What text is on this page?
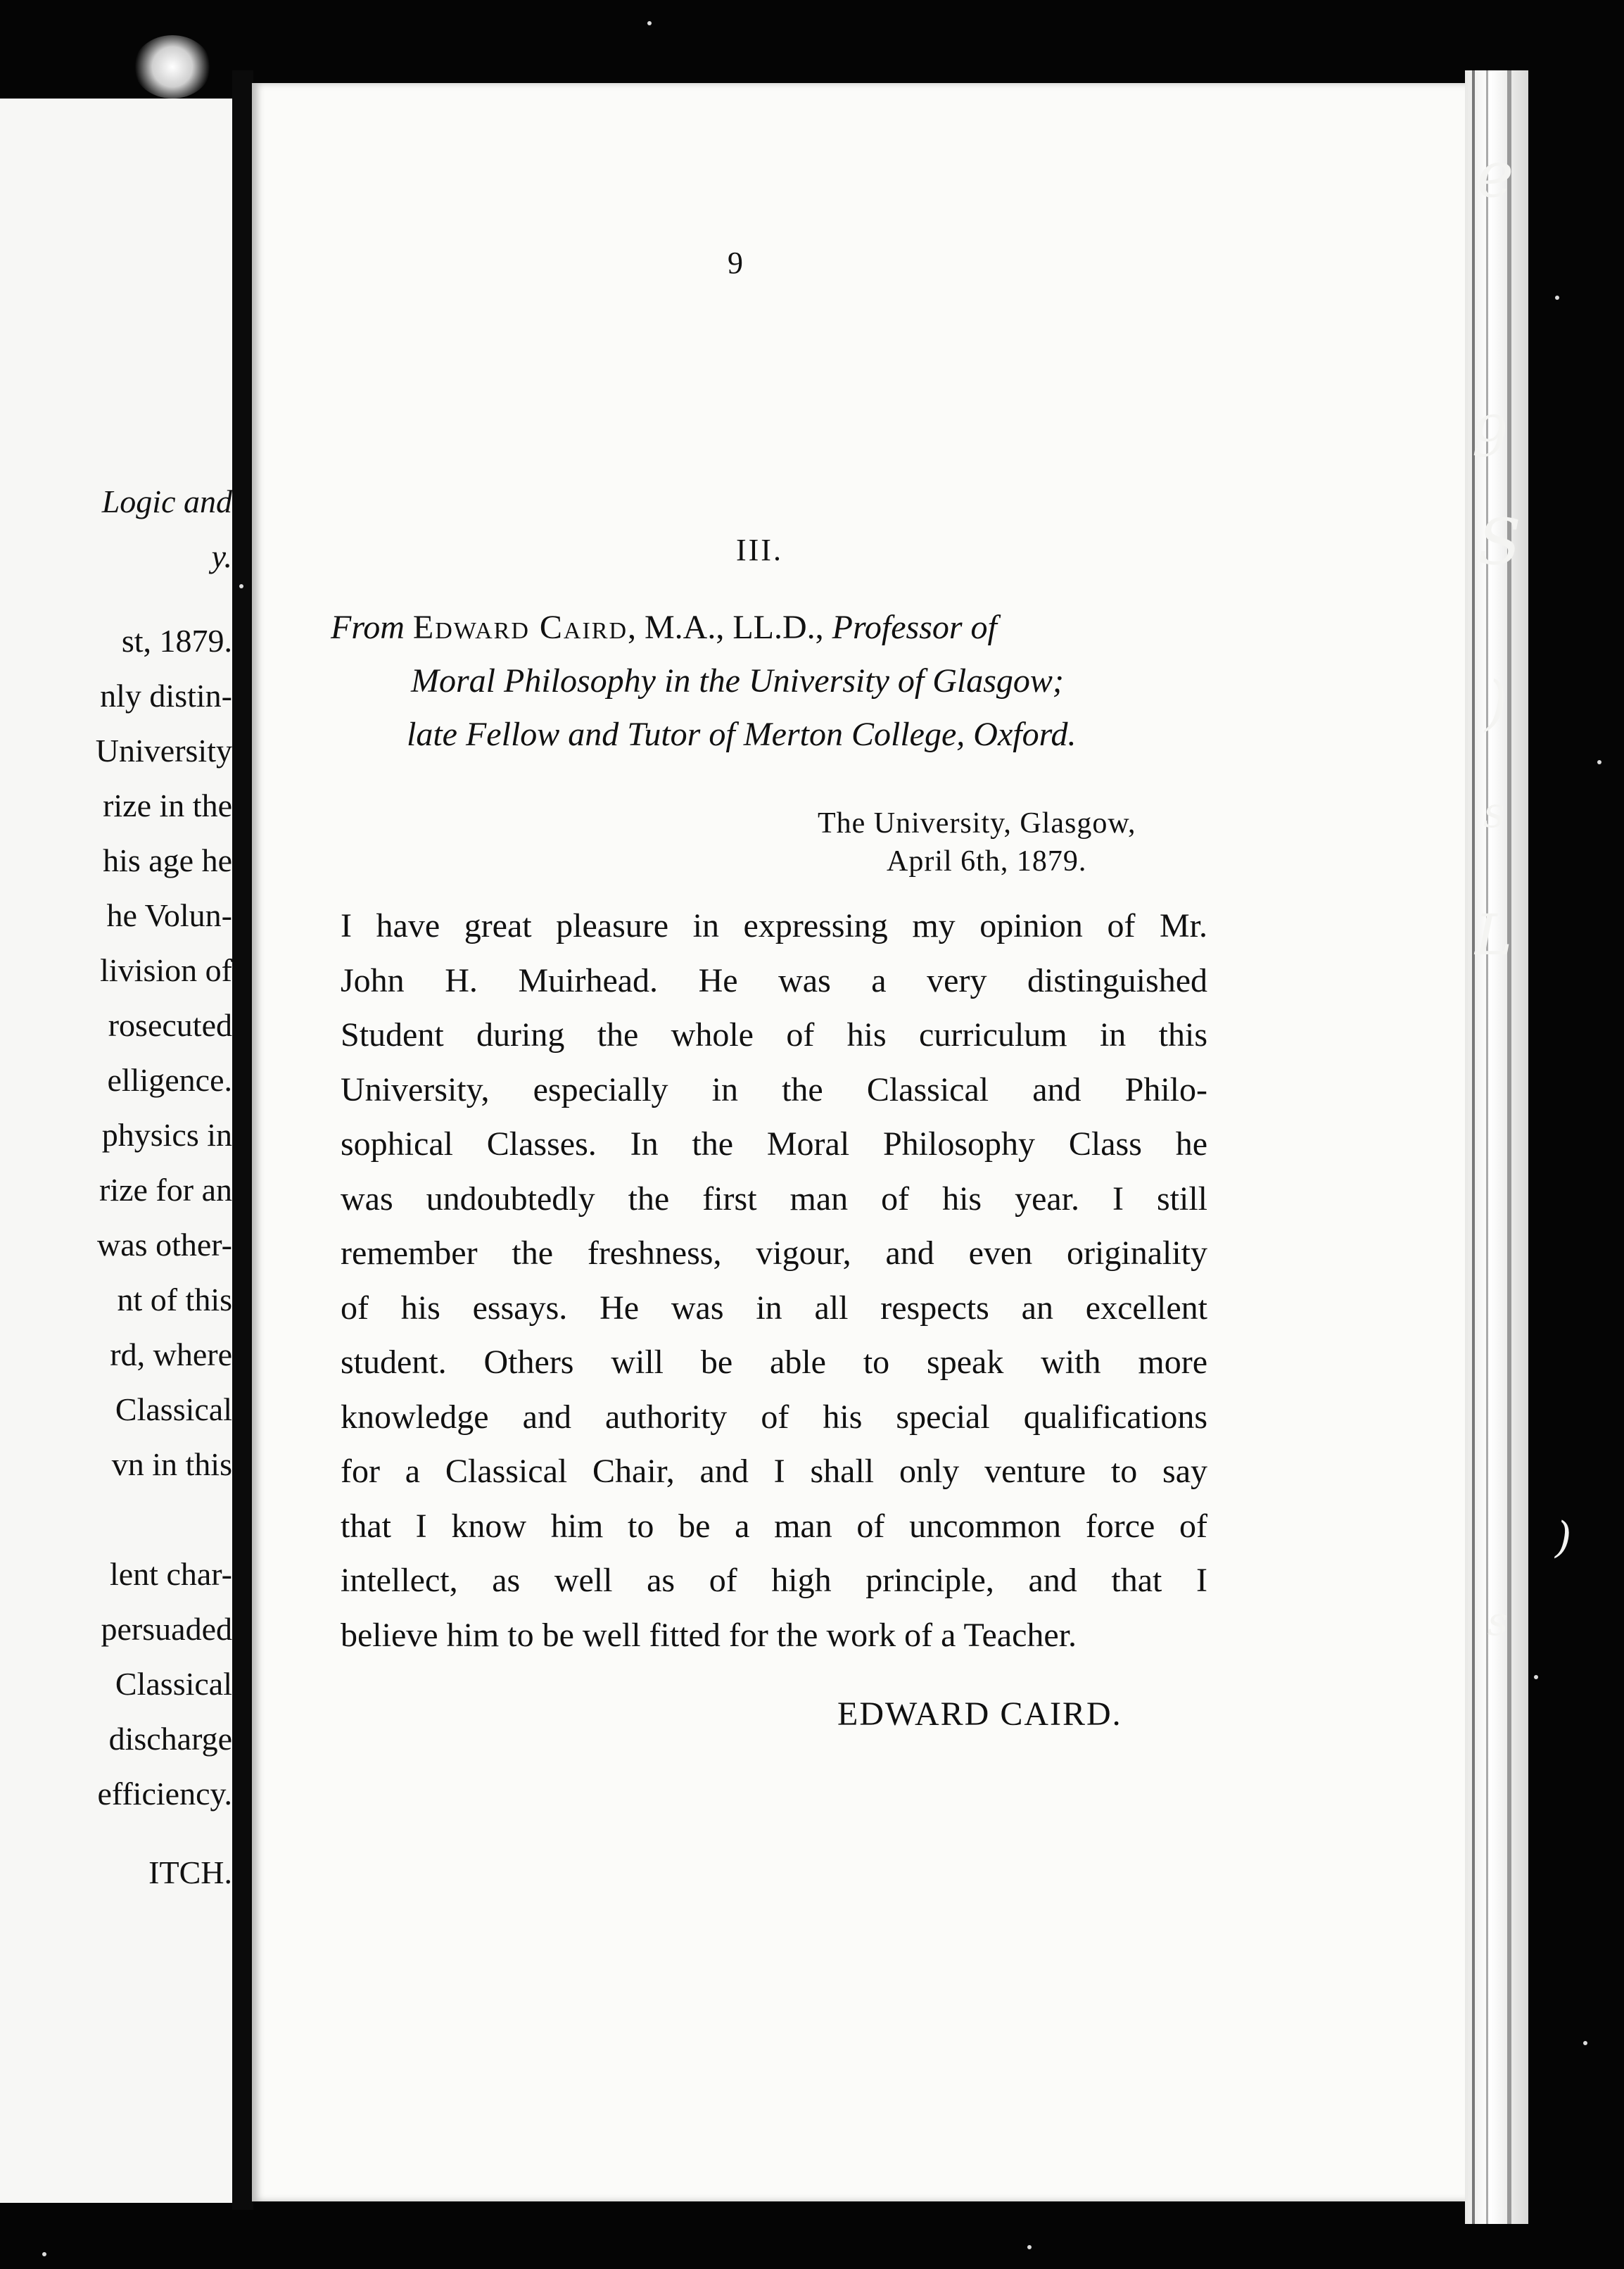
Logic and
y.
st, 1879.
nly distin-
University
rize in the
his age he
he Volun-
livision of
rosecuted
elligence.
physics in
rize for an
was other-
nt of this
rd, where
Classical
vn in this
lent char-
persuaded
Classical
discharge
efficiency.
ITCH.
9
III.
From Edward Caird, M.A., LL.D., Professor of
Moral Philosophy in the University of Glasgow;
late Fellow and Tutor of Merton College, Oxford.
The University, Glasgow,
April 6th, 1879.
I have great pleasure in expressing my opinion of Mr.
John H. Muirhead. He was a very distinguished
Student during the whole of his curriculum in this
University, especially in the Classical and Philo-
sophical Classes. In the Moral Philosophy Class he
was undoubtedly the first man of his year. I still
remember the freshness, vigour, and even originality
of his essays. He was in all respects an excellent
student. Others will be able to speak with more
knowledge and authority of his special qualifications
for a Classical Chair, and I shall only venture to say
that I know him to be a man of uncommon force of
intellect, as well as of high principle, and that I
believe him to be well fitted for the work of a Teacher.
EDWARD CAIRD.
e
9
S
)
s
L
)
s
